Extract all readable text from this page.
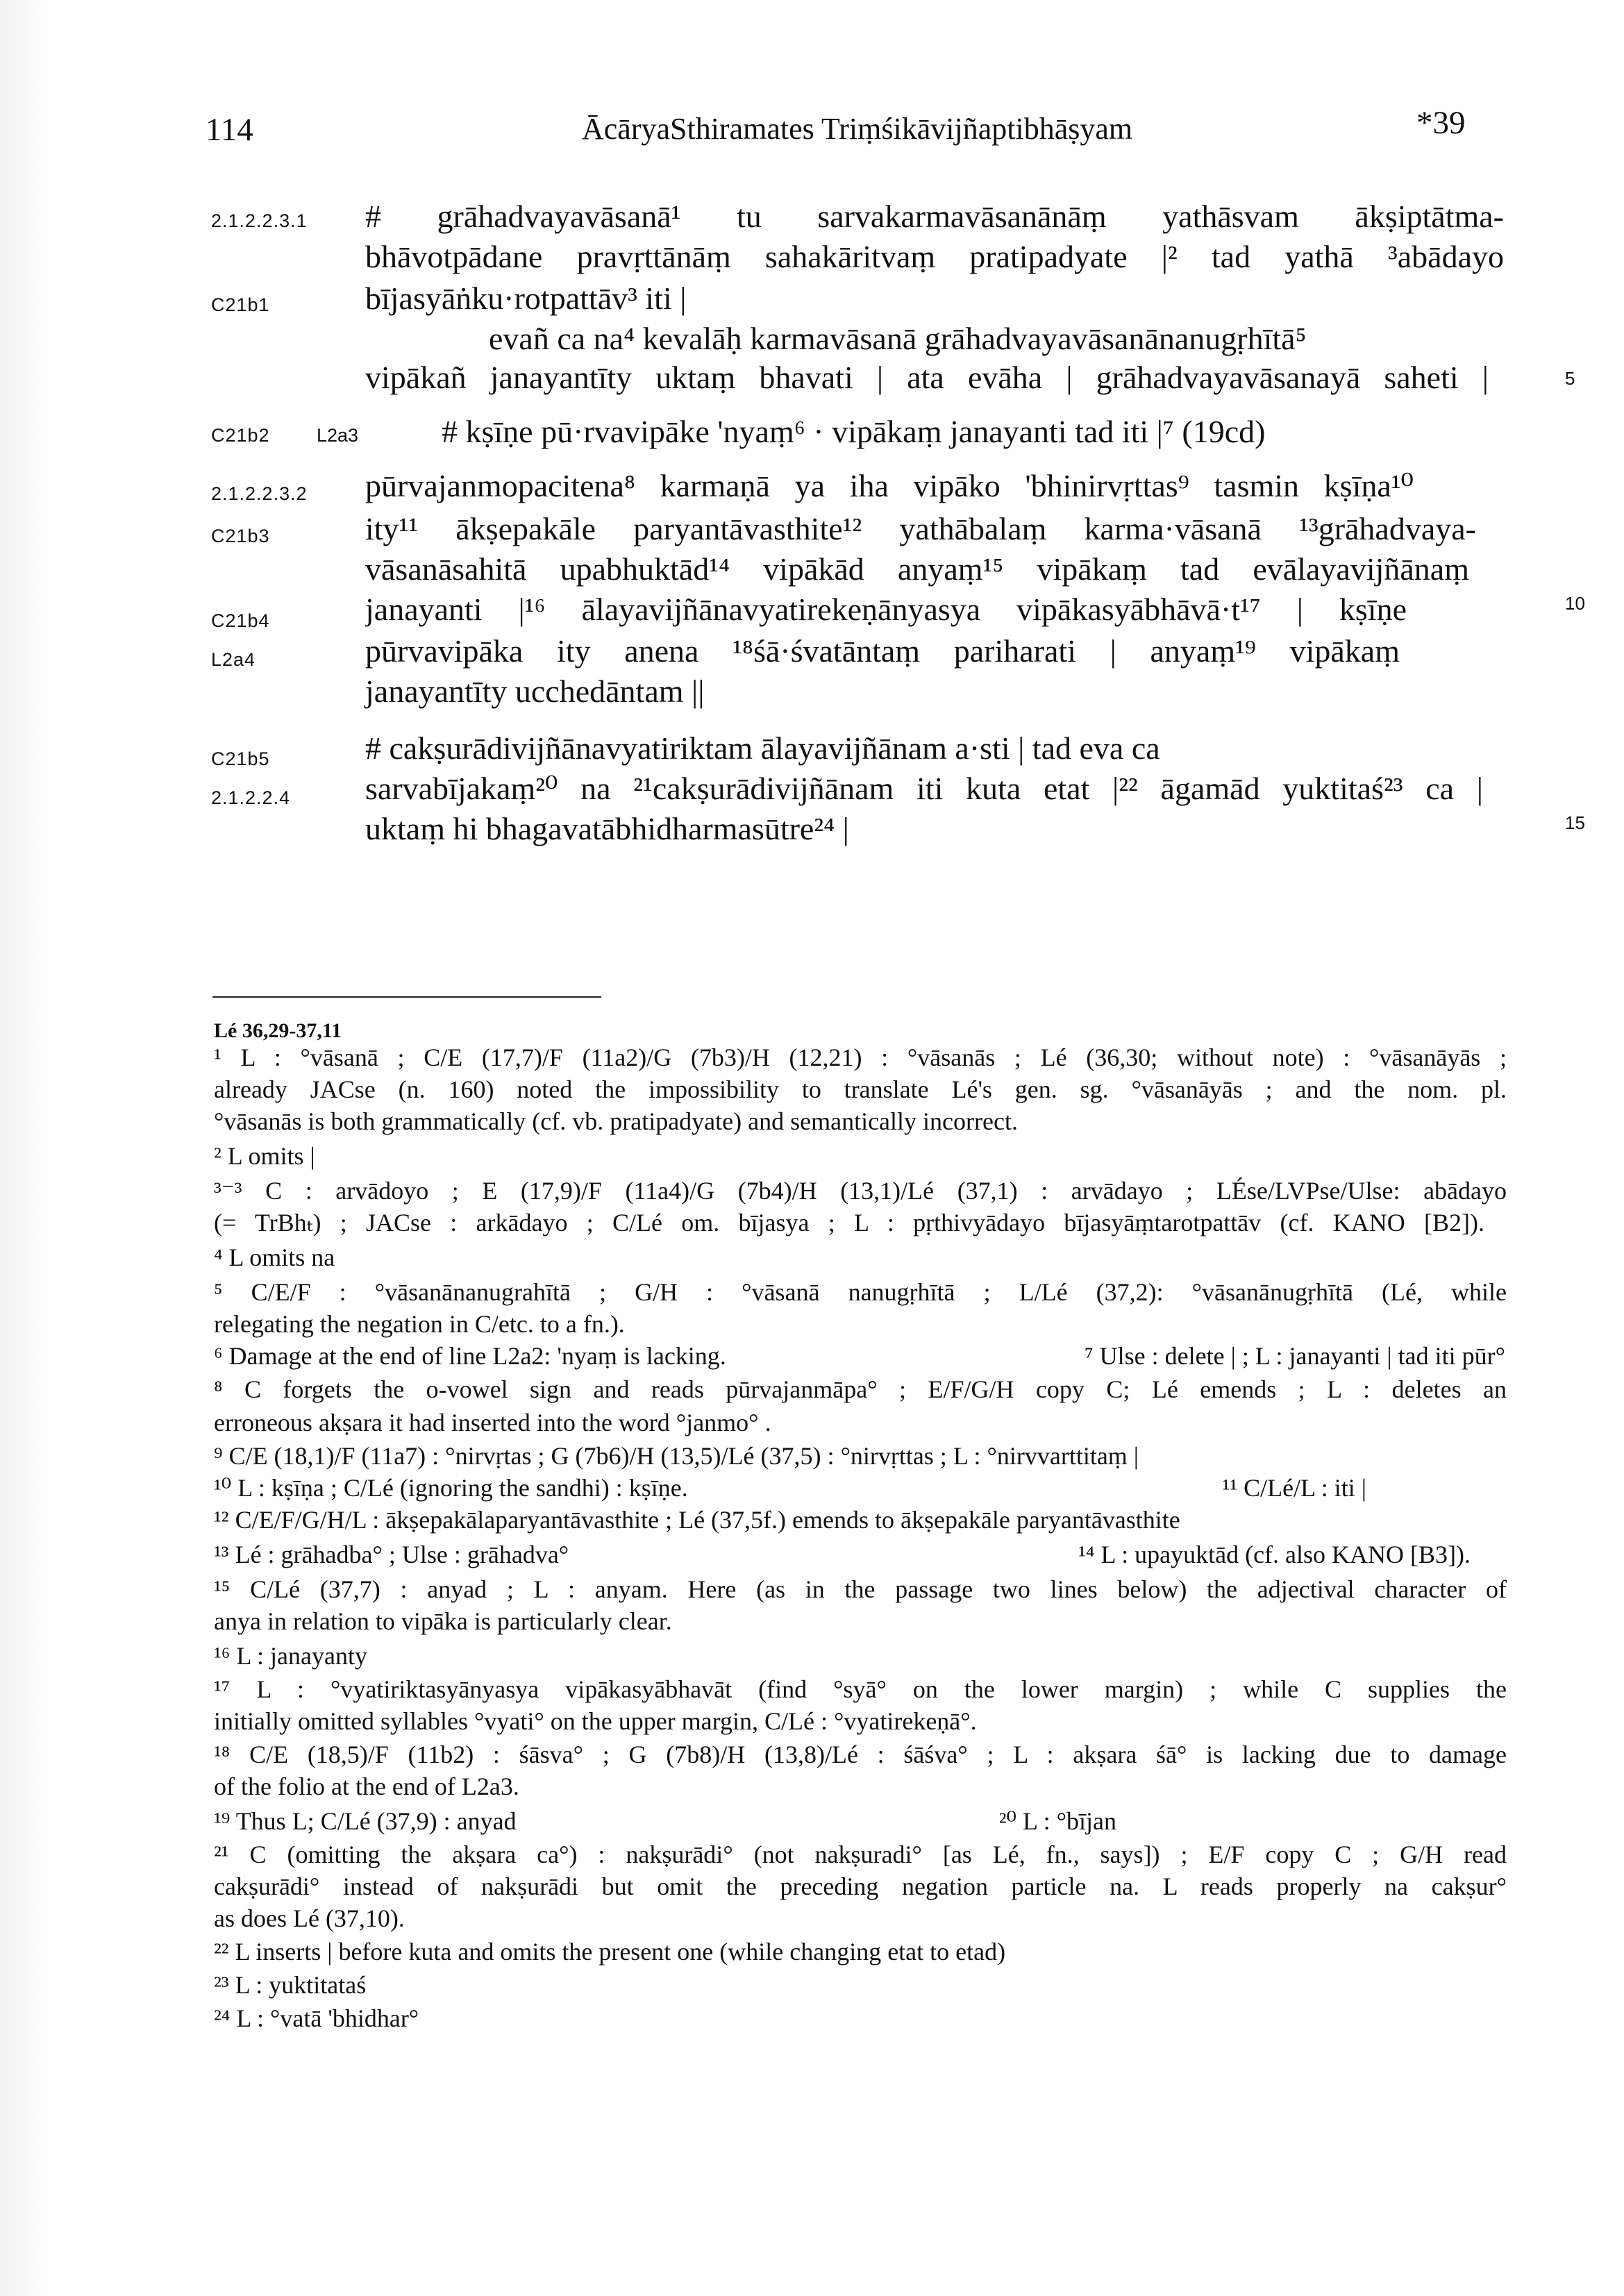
114	ĀcāryaSthiramates Triṃśikāvijñaptibhāṣyam	*39
2.1.2.2.3.1
C21b1
C21b2 L2a3
2.1.2.2.3.2
C21b3
C21b4
L2a4
C21b5
2.1.2.2.4
5
10
15
# grāhadvayavāsanā¹ tu sarvakarmavāsanānāṃ yathāsvam ākṣiptātma-
bhāvotpādane pravṛttānāṃ sahakāritvaṃ pratipadyate |² tad yathā ³abādayo
bījasyāṅku·rotpattāv³ iti |
evañ ca na⁴ kevalāḥ karmavāsanā grāhadvayavāsanānanugṛhītā⁵
vipākañ janayantīty uktaṃ bhavati | ata evāha | grāhadvayavāsanayā saheti |
# kṣīṇe pū·rvavipāke 'nyaṃ⁶ · vipākaṃ janayanti tad iti |⁷ (19cd)
pūrvajanmopacitena⁸ karmaṇā ya iha vipāko 'bhinirvṛttas⁹ tasmin kṣīṇa¹⁰
ity¹¹ ākṣepakāle paryantāvasthite¹² yathābalaṃ karma·vāsanā ¹³grāhadvaya-
vāsanāsahitā upabhuktād¹⁴ vipākād anyaṃ¹⁵ vipākaṃ tad evālayavijñānaṃ
janayanti |¹⁶ ālayavijñānavyatirekeṇānyasya vipākasyābhāvā·t¹⁷ | kṣīṇe
pūrvavipāka ity anena ¹⁸śā·śvatāntaṃ pariharati | anyaṃ¹⁹ vipākaṃ
janayantīty ucchedāntam ||
# cakṣurādivijñānavyatiriktam ālayavijñānam a·sti | tad eva ca
sarvabījakaṃ²⁰ na ²¹cakṣurādivijñānam iti kuta etat |²² āgamād yuktitaś²³ ca |
uktaṃ hi bhagavatābhidharmasūtre²⁴ |
Lé 36,29-37,11
¹ L : °vāsanā ; C/E (17,7)/F (11a2)/G (7b3)/H (12,21) : °vāsanās ; Lé (36,30; without note) : °vāsanāyās ;
already JACse (n. 160) noted the impossibility to translate Lé's gen. sg. °vāsanāyās ; and the nom. pl.
°vāsanās is both grammatically (cf. vb. pratipadyate) and semantically incorrect.
² L omits |
³⁻³ C : arvādoyo ; E (17,9)/F (11a4)/G (7b4)/H (13,1)/Lé (37,1) : arvādayo ; LÉse/LVPse/Ulse: abādayo
(= TrBhₜ) ; JACse : arkādayo ; C/Lé om. bījasya ; L : pṛthivyādayo bījasyāṃtarotpattāv (cf. KANO [B2]).
⁴ L omits na
⁵ C/E/F : °vāsanānanugrahītā ; G/H : °vāsanā nanugṛhītā ; L/Lé (37,2): °vāsanānugṛhītā (Lé, while
relegating the negation in C/etc. to a fn.).
⁶ Damage at the end of line L2a2: 'nyaṃ is lacking.	⁷ Ulse : delete | ; L : janayanti | tad iti pūr°
⁸ C forgets the o-vowel sign and reads pūrvajanmāpa° ; E/F/G/H copy C; Lé emends ; L : deletes an
erroneous akṣara it had inserted into the word °janmo° .
⁹ C/E (18,1)/F (11a7) : °nirvṛtas ; G (7b6)/H (13,5)/Lé (37,5) : °nirvṛttas ; L : °nirvvarttitaṃ |
¹⁰ L : kṣīṇa ; C/Lé (ignoring the sandhi) : kṣīṇe.	¹¹ C/Lé/L : iti |
¹² C/E/F/G/H/L : ākṣepakālaparyantāvasthite ; Lé (37,5f.) emends to ākṣepakāle paryantāvasthite
¹³ Lé : grāhadba° ; Ulse : grāhadva°	¹⁴ L : upayuktād (cf. also KANO [B3]).
¹⁵ C/Lé (37,7) : anyad ; L : anyam. Here (as in the passage two lines below) the adjectival character of
anya in relation to vipāka is particularly clear.
¹⁶ L : janayanty
¹⁷ L : °vyatiriktasyānyasya vipākasyābhavāt (find °syā° on the lower margin) ; while C supplies the
initially omitted syllables °vyati° on the upper margin, C/Lé : °vyatirekeṇā°.
¹⁸ C/E (18,5)/F (11b2) : śāsva° ; G (7b8)/H (13,8)/Lé : śāśva° ; L : akṣara śā° is lacking due to damage
of the folio at the end of L2a3.
¹⁹ Thus L; C/Lé (37,9) : anyad	²⁰ L : °bījan
²¹ C (omitting the akṣara ca°) : nakṣurādi° (not nakṣuradi° [as Lé, fn., says]) ; E/F copy C ; G/H read
cakṣurādi° instead of nakṣurādi but omit the preceding negation particle na. L reads properly na cakṣur°
as does Lé (37,10).
²² L inserts | before kuta and omits the present one (while changing etat to etad)
²³ L : yuktitataś
²⁴ L : °vatā 'bhidhar°
